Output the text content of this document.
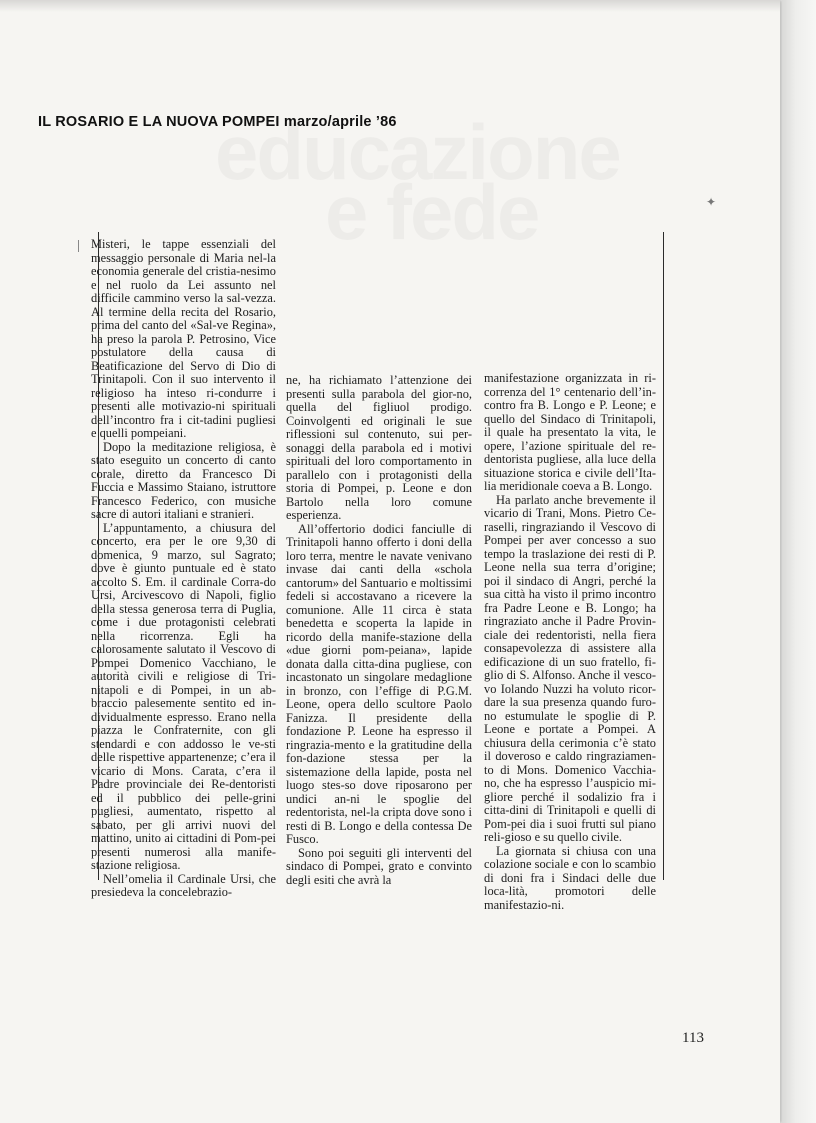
IL ROSARIO E LA NUOVA POMPEI marzo/aprile ’86
✦

Misteri, le tappe essenziali del messaggio personale di Maria nel-la economia generale del cristia-nesimo e nel ruolo da Lei assunto nel difficile cammino verso la sal-vezza. Al termine della recita del Rosario, prima del canto del «Sal-ve Regina», ha preso la parola P. Petrosino, Vice postulatore della causa di Beatificazione del Servo di Dio di Trinitapoli. Con il suo intervento il religioso ha inteso ri-condurre i presenti alle motivazio-ni spirituali dell’incontro fra i cit-tadini pugliesi e quelli pompeiani.

Dopo la meditazione religiosa, è stato eseguito un concerto di canto corale, diretto da Francesco Di Fuccia e Massimo Staiano, istruttore Francesco Federico, con musiche sacre di autori italiani e stranieri.

L’appuntamento, a chiusura del concerto, era per le ore 9,30 di domenica, 9 marzo, sul Sagrato; dove è giunto puntuale ed è stato accolto S. Em. il cardinale Corra-do Ursi, Arcivescovo di Napoli, figlio della stessa generosa terra di Puglia, come i due protagonisti celebrati nella ricorrenza. Egli ha calorosamente salutato il Vescovo di Pompei Domenico Vacchiano, le autorità civili e religiose di Tri-nitapoli e di Pompei, in un ab-braccio palesemente sentito ed in-dividualmente espresso. Erano nella piazza le Confraternite, con gli stendardi e con addosso le ve-sti delle rispettive appartenenze; c’era il vicario di Mons. Carata, c’era il Padre provinciale dei Re-dentoristi ed il pubblico dei pelle-grini pugliesi, aumentato, rispetto al sabato, per gli arrivi nuovi del mattino, unito ai cittadini di Pom-pei presenti numerosi alla manife-stazione religiosa.

Nell’omelia il Cardinale Ursi, che presiedeva la concelebrazio-

ne, ha richiamato l’attenzione dei presenti sulla parabola del gior-no, quella del figliuol prodigo. Coinvolgenti ed originali le sue riflessioni sul contenuto, sui per-sonaggi della parabola ed i motivi spirituali del loro comportamento in parallelo con i protagonisti della storia di Pompei, p. Leone e don Bartolo nella loro comune esperienza.

All’offertorio dodici fanciulle di Trinitapoli hanno offerto i doni della loro terra, mentre le navate venivano invase dai canti della «schola cantorum» del Santuario e moltissimi fedeli si accostavano a ricevere la comunione. Alle 11 circa è stata benedetta e scoperta la lapide in ricordo della manife-stazione della «due giorni pom-peiana», lapide donata dalla citta-dina pugliese, con incastonato un singolare medaglione in bronzo, con l’effige di P.G.M. Leone, opera dello scultore Paolo Fanizza. Il presidente della fondazione P. Leone ha espresso il ringrazia-mento e la gratitudine della fon-dazione stessa per la sistemazione della lapide, posta nel luogo stes-so dove riposarono per undici an-ni le spoglie del redentorista, nel-la cripta dove sono i resti di B. Longo e della contessa De Fusco.

Sono poi seguiti gli interventi del sindaco di Pompei, grato e convinto degli esiti che avrà la

manifestazione organizzata in ri-correnza del 1° centenario dell’in-contro fra B. Longo e P. Leone; e quello del Sindaco di Trinitapoli, il quale ha presentato la vita, le opere, l’azione spirituale del re-dentorista pugliese, alla luce della situazione storica e civile dell’Ita-lia meridionale coeva a B. Longo.

Ha parlato anche brevemente il vicario di Trani, Mons. Pietro Ce-raselli, ringraziando il Vescovo di Pompei per aver concesso a suo tempo la traslazione dei resti di P. Leone nella sua terra d’origine; poi il sindaco di Angri, perché la sua città ha visto il primo incontro fra Padre Leone e B. Longo; ha ringraziato anche il Padre Provin-ciale dei redentoristi, nella fiera consapevolezza di assistere alla edificazione di un suo fratello, fi-glio di S. Alfonso. Anche il vesco-vo Iolando Nuzzi ha voluto ricor-dare la sua presenza quando furo-no estumulate le spoglie di P. Leone e portate a Pompei. A chiusura della cerimonia c’è stato il doveroso e caldo ringraziamen-to di Mons. Domenico Vacchia-no, che ha espresso l’auspicio mi-gliore perché il sodalizio fra i citta-dini di Trinitapoli e quelli di Pom-pei dia i suoi frutti sul piano reli-gioso e su quello civile.

La giornata si chiusa con una colazione sociale e con lo scambio di doni fra i Sindaci delle due loca-lità, promotori delle manifestazio-ni.

113
